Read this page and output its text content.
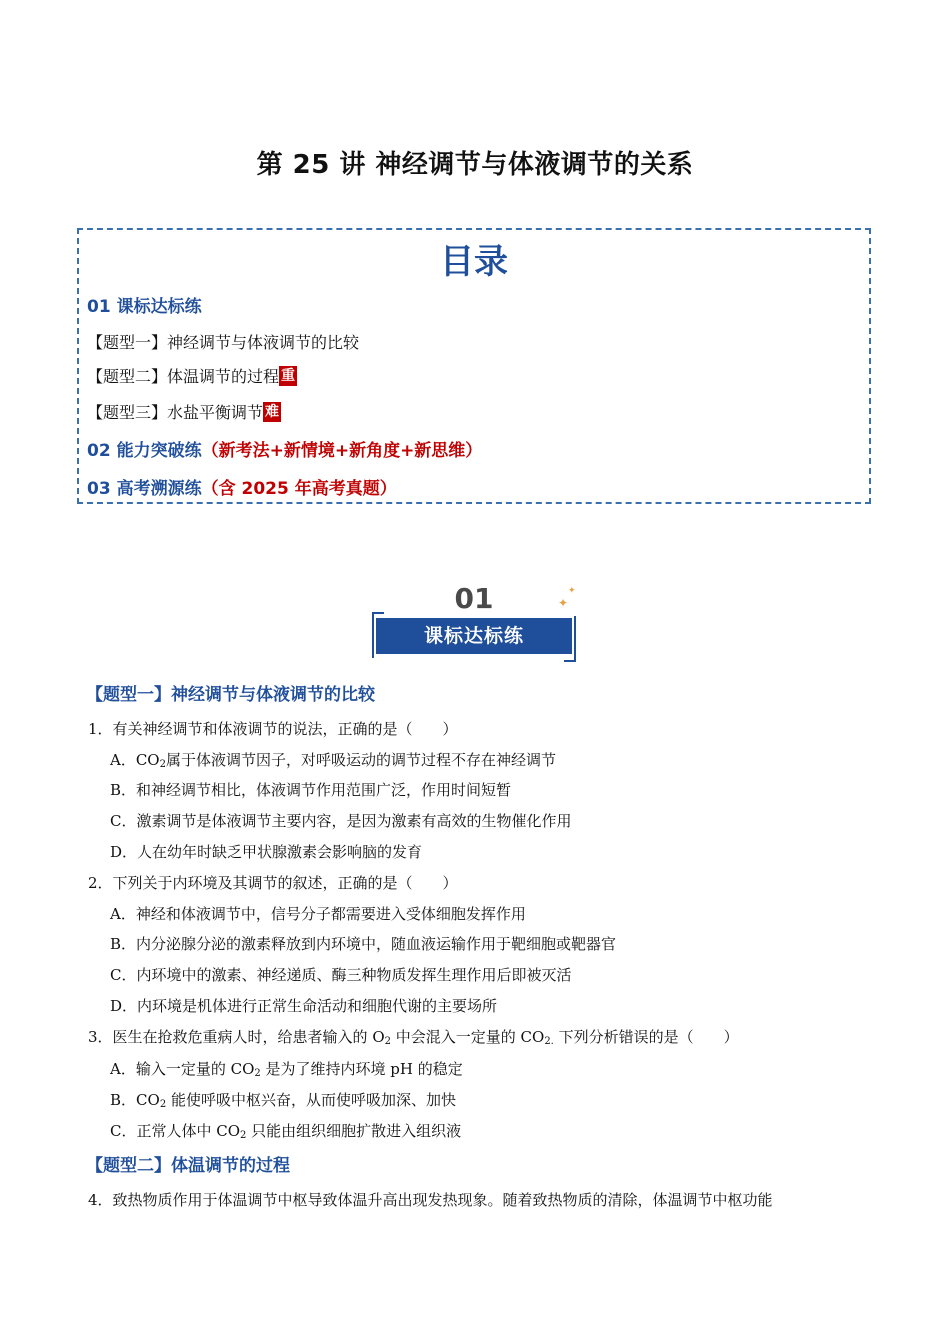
第 25 讲 神经调节与体液调节的关系
目录
01 课标达标练
【题型一】神经调节与体液调节的比较
【题型二】体温调节的过程 重
【题型三】水盐平衡调节 难
02 能力突破练（新考法+新情境+新角度+新思维）
03 高考溯源练（含 2025 年高考真题）
01
课标达标练
✦
✦
【题型一】神经调节与体液调节的比较
1．有关神经调节和体液调节的说法，正确的是（　　）
A．$CO_2$属于体液调节因子，对呼吸运动的调节过程不存在神经调节
B．和神经调节相比，体液调节作用范围广泛，作用时间短暂
C．激素调节是体液调节主要内容，是因为激素有高效的生物催化作用
D．人在幼年时缺乏甲状腺激素会影响脑的发育
2．下列关于内环境及其调节的叙述，正确的是（　　）
A．神经和体液调节中，信号分子都需要进入受体细胞发挥作用
B．内分泌腺分泌的激素释放到内环境中，随血液运输作用于靶细胞或靶器官
C．内环境中的激素、神经递质、酶三种物质发挥生理作用后即被灭活
D．内环境是机体进行正常生命活动和细胞代谢的主要场所
3．医生在抢救危重病人时，给患者输入的 $O_2$ 中会混入一定量的 $CO_{2.}$ 下列分析错误的是（　　）
A．输入一定量的 $CO_2$ 是为了维持内环境 pH 的稳定
B．$CO_2$ 能使呼吸中枢兴奋，从而使呼吸加深、加快
C．正常人体中 $CO_2$ 只能由组织细胞扩散进入组织液
【题型二】体温调节的过程
4．致热物质作用于体温调节中枢导致体温升高出现发热现象。随着致热物质的清除，体温调节中枢功能
